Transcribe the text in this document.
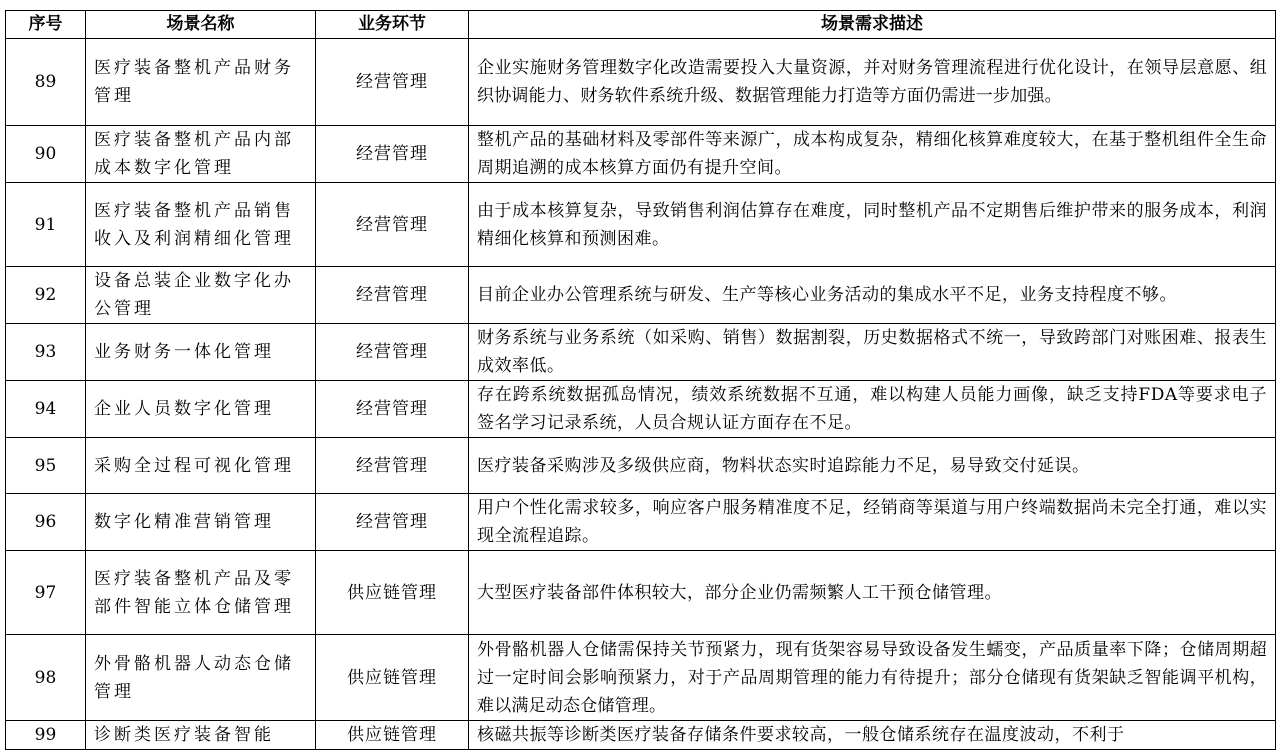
序号	场景名称	业务环节	场景需求描述
89	医疗装备整机产品财务管理	经营管理	企业实施财务管理数字化改造需要投入大量资源，并对财务管理流程进行优化设计，在领导层意愿、组织协调能力、财务软件系统升级、数据管理能力打造等方面仍需进一步加强。
90	医疗装备整机产品内部成本数字化管理	经营管理	整机产品的基础材料及零部件等来源广，成本构成复杂，精细化核算难度较大，在基于整机组件全生命周期追溯的成本核算方面仍有提升空间。
91	医疗装备整机产品销售收入及利润精细化管理	经营管理	由于成本核算复杂，导致销售利润估算存在难度，同时整机产品不定期售后维护带来的服务成本，利润精细化核算和预测困难。
92	设备总装企业数字化办公管理	经营管理	目前企业办公管理系统与研发、生产等核心业务活动的集成水平不足，业务支持程度不够。
93	业务财务一体化管理	经营管理	财务系统与业务系统（如采购、销售）数据割裂，历史数据格式不统一，导致跨部门对账困难、报表生成效率低。
94	企业人员数字化管理	经营管理	存在跨系统数据孤岛情况，绩效系统数据不互通，难以构建人员能力画像，缺乏支持FDA等要求电子签名学习记录系统，人员合规认证方面存在不足。
95	采购全过程可视化管理	经营管理	医疗装备采购涉及多级供应商，物料状态实时追踪能力不足，易导致交付延误。
96	数字化精准营销管理	经营管理	用户个性化需求较多，响应客户服务精准度不足，经销商等渠道与用户终端数据尚未完全打通，难以实现全流程追踪。
97	医疗装备整机产品及零部件智能立体仓储管理	供应链管理	大型医疗装备部件体积较大，部分企业仍需频繁人工干预仓储管理。
98	外骨骼机器人动态仓储管理	供应链管理	外骨骼机器人仓储需保持关节预紧力，现有货架容易导致设备发生蠕变，产品质量率下降；仓储周期超过一定时间会影响预紧力，对于产品周期管理的能力有待提升；部分仓储现有货架缺乏智能调平机构，难以满足动态仓储管理。
99	诊断类医疗装备智能	供应链管理	核磁共振等诊断类医疗装备存储条件要求较高，一般仓储系统存在温度波动，不利于
